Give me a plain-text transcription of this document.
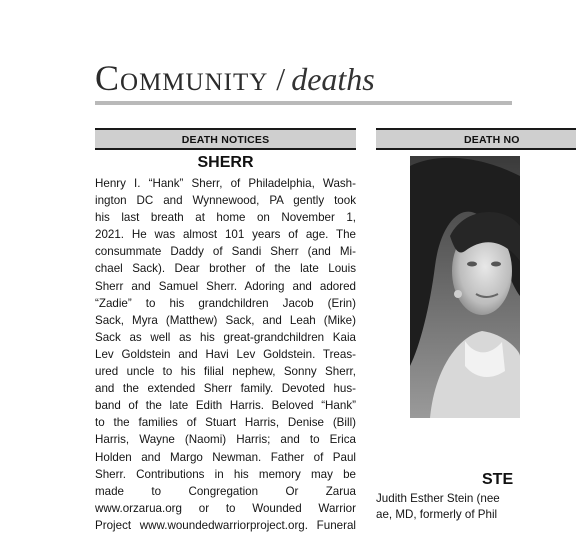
Community / deaths
DEATH NOTICES	DEATH NO
SHERR
Henry I. “Hank” Sherr, of Philadelphia, Wash-
ington DC and Wynnewood, PA gently took
his last breath at home on November 1,
2021. He was almost 101 years of age. The
consummate Daddy of Sandi Sherr (and Mi-
chael Sack). Dear brother of the late Louis
Sherr and Samuel Sherr. Adoring and adored
“Zadie” to his grandchildren Jacob (Erin)
Sack, Myra (Matthew) Sack, and Leah (Mike)
Sack as well as his great-grandchildren Kaia
Lev Goldstein and Havi Lev Goldstein. Treas-
ured uncle to his filial nephew, Sonny Sherr,
and the extended Sherr family. Devoted hus-
band of the late Edith Harris. Beloved “Hank”
to the families of Stuart Harris, Denise (Bill)
Harris, Wayne (Naomi) Harris; and to Erica
Holden and Margo Newman. Father of Paul
Sherr. Contributions in his memory may be
made to Congregation Or Zarua
www.orzarua.org or to Wounded Warrior
Project www.woundedwarriorproject.org. Funeral
STE
Judith Esther Stein (nee
ae, MD, formerly of Phil
